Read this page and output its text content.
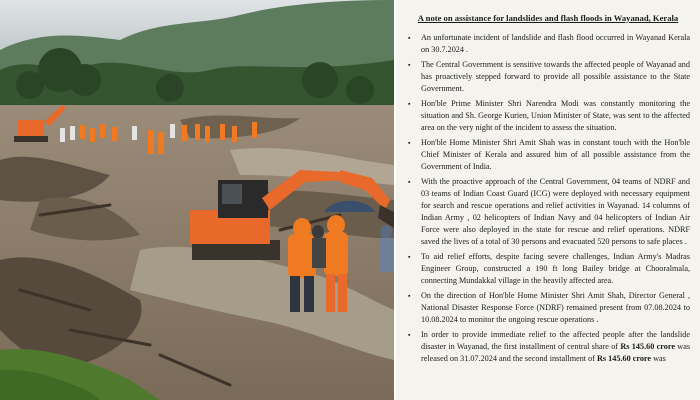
A note on assistance for landslides and flash floods in Wayanad, Kerala
▪ An unfortunate incident of landslide and flash flood occurred in Wayanad Kerala on 30.7.2024 .
▪ The Central Government is sensitive towards the affected people of Wayanad and has proactively stepped forward to provide all possible assistance to the State Government.
▪ Hon'ble Prime Minister Shri Narendra Modi was constantly monitoring the situation and Sh. George Kurien, Union Minister of State, was sent to the affected area on the very night of the incident to assess the situation.
▪ Hon'ble Home Minister Shri Amit Shah was in constant touch with the Hon'ble Chief Minister of Kerala and assured him of all possible assistance from the Government of India.
▪ With the proactive approach of the Central Government, 04 teams of NDRF and 03 teams of Indian Coast Guard (ICG) were deployed with necessary equipment for search and rescue operations and relief activities in Wayanad. 14 columns of Indian Army , 02 helicopters of Indian Navy and 04 helicopters of Indian Air Force were also deployed in the state for rescue and relief operations. NDRF saved the lives of a total of 30 persons and evacuated 520 persons to safe places .
▪ To aid relief efforts, despite facing severe challenges, Indian Army's Madras Engineer Group, constructed a 190 ft long Bailey bridge at Chooralmala, connecting Mundakkal village in the heavily affected area.
▪ On the direction of Hon'ble Home Minister Shri Amit Shah, Director General , National Disaster Response Force (NDRF) remained present from 07.08.2024 to 10.08.2024 to monitor the ongoing rescue operations .
▪ In order to provide immediate relief to the affected people after the landslide disaster in Wayanad, the first installment of central share of Rs 145.60 crore was released on 31.07.2024 and the second installment of Rs 145.60 crore was
